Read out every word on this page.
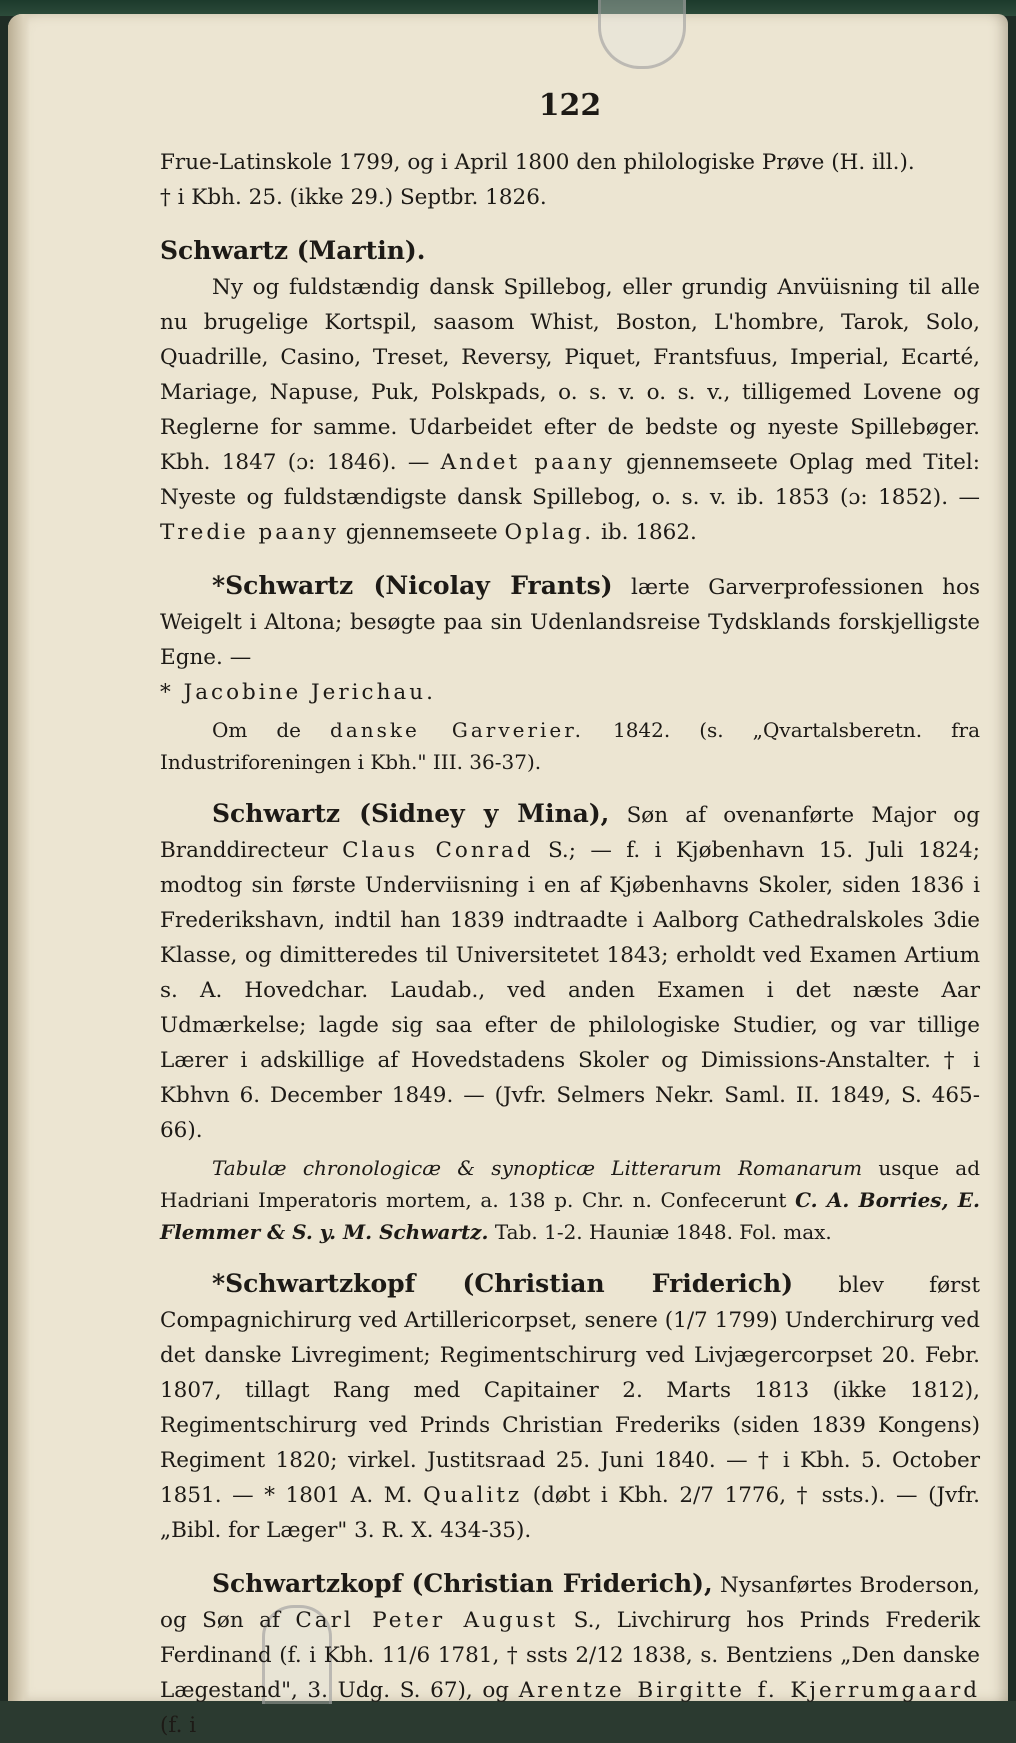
122

Frue-Latinskole 1799, og i April 1800 den philologiske Prøve (H. ill.).
† i Kbh. 25. (ikke 29.) Septbr. 1826.

Schwartz (Martin).

Ny og fuldstændig dansk Spillebog, eller grundig Anvüisning til alle nu brugelige Kortspil, saasom Whist, Boston, L'hombre, Tarok, Solo, Quadrille, Casino, Treset, Reversy, Piquet, Frantsfuus, Imperial, Ecarté, Mariage, Napuse, Puk, Polskpads, o. s. v. o. s. v., tilligemed Lovene og Reglerne for samme. Udarbeidet efter de bedste og nyeste Spillebøger. Kbh. 1847 (ɔ: 1846). — Andet paany gjennemseete Oplag med Titel: Nyeste og fuldstændigste dansk Spillebog, o. s. v. ib. 1853 (ɔ: 1852). — Tredie paany gjennemseete Oplag. ib. 1862.

*Schwartz (Nicolay Frants) lærte Garverprofessionen hos Weigelt i Altona; besøgte paa sin Udenlandsreise Tydsklands forskjelligste Egne. —
* Jacobine Jerichau.

Om de danske Garverier. 1842. (s. „Qvartalsberetn. fra Industriforeningen i Kbh." III. 36-37).

Schwartz (Sidney y Mina), Søn af ovenanførte Major og Branddirecteur Claus Conrad S.; — f. i Kjøbenhavn 15. Juli 1824; modtog sin første Underviisning i en af Kjøbenhavns Skoler, siden 1836 i Frederikshavn, indtil han 1839 indtraadte i Aalborg Cathedralskoles 3die Klasse, og dimitteredes til Universitetet 1843; erholdt ved Examen Artium s. A. Hovedchar. Laudab., ved anden Examen i det næste Aar Udmærkelse; lagde sig saa efter de philologiske Studier, og var tillige Lærer i adskillige af Hovedstadens Skoler og Dimissions-Anstalter. † i Kbhvn 6. December 1849. — (Jvfr. Selmers Nekr. Saml. II. 1849, S. 465-66).

Tabulæ chronologicæ & synopticæ Litterarum Romanarum usque ad Hadriani Imperatoris mortem, a. 138 p. Chr. n. Confecerunt C. A. Borries, E. Flemmer & S. y. M. Schwartz. Tab. 1-2. Hauniæ 1848. Fol. max.

*Schwartzkopf (Christian Friderich) blev først Compagnichirurg ved Artillericorpset, senere (1/7 1799) Underchirurg ved det danske Livregiment; Regimentschirurg ved Livjægercorpset 20. Febr. 1807, tillagt Rang med Capitainer 2. Marts 1813 (ikke 1812), Regimentschirurg ved Prinds Christian Frederiks (siden 1839 Kongens) Regiment 1820; virkel. Justitsraad 25. Juni 1840. — † i Kbh. 5. October 1851. — * 1801 A. M. Qualitz (døbt i Kbh. 2/7 1776, † ssts.). — (Jvfr. „Bibl. for Læger" 3. R. X. 434-35).

Schwartzkopf (Christian Friderich), Nysanførtes Broderson, og Søn af Carl Peter August S., Livchirurg hos Prinds Frederik Ferdinand (f. i Kbh. 11/6 1781, † ssts 2/12 1838, s. Bentziens „Den danske Lægestand", 3. Udg. S. 67), og Arentze Birgitte f. Kjerrumgaard (f. i
